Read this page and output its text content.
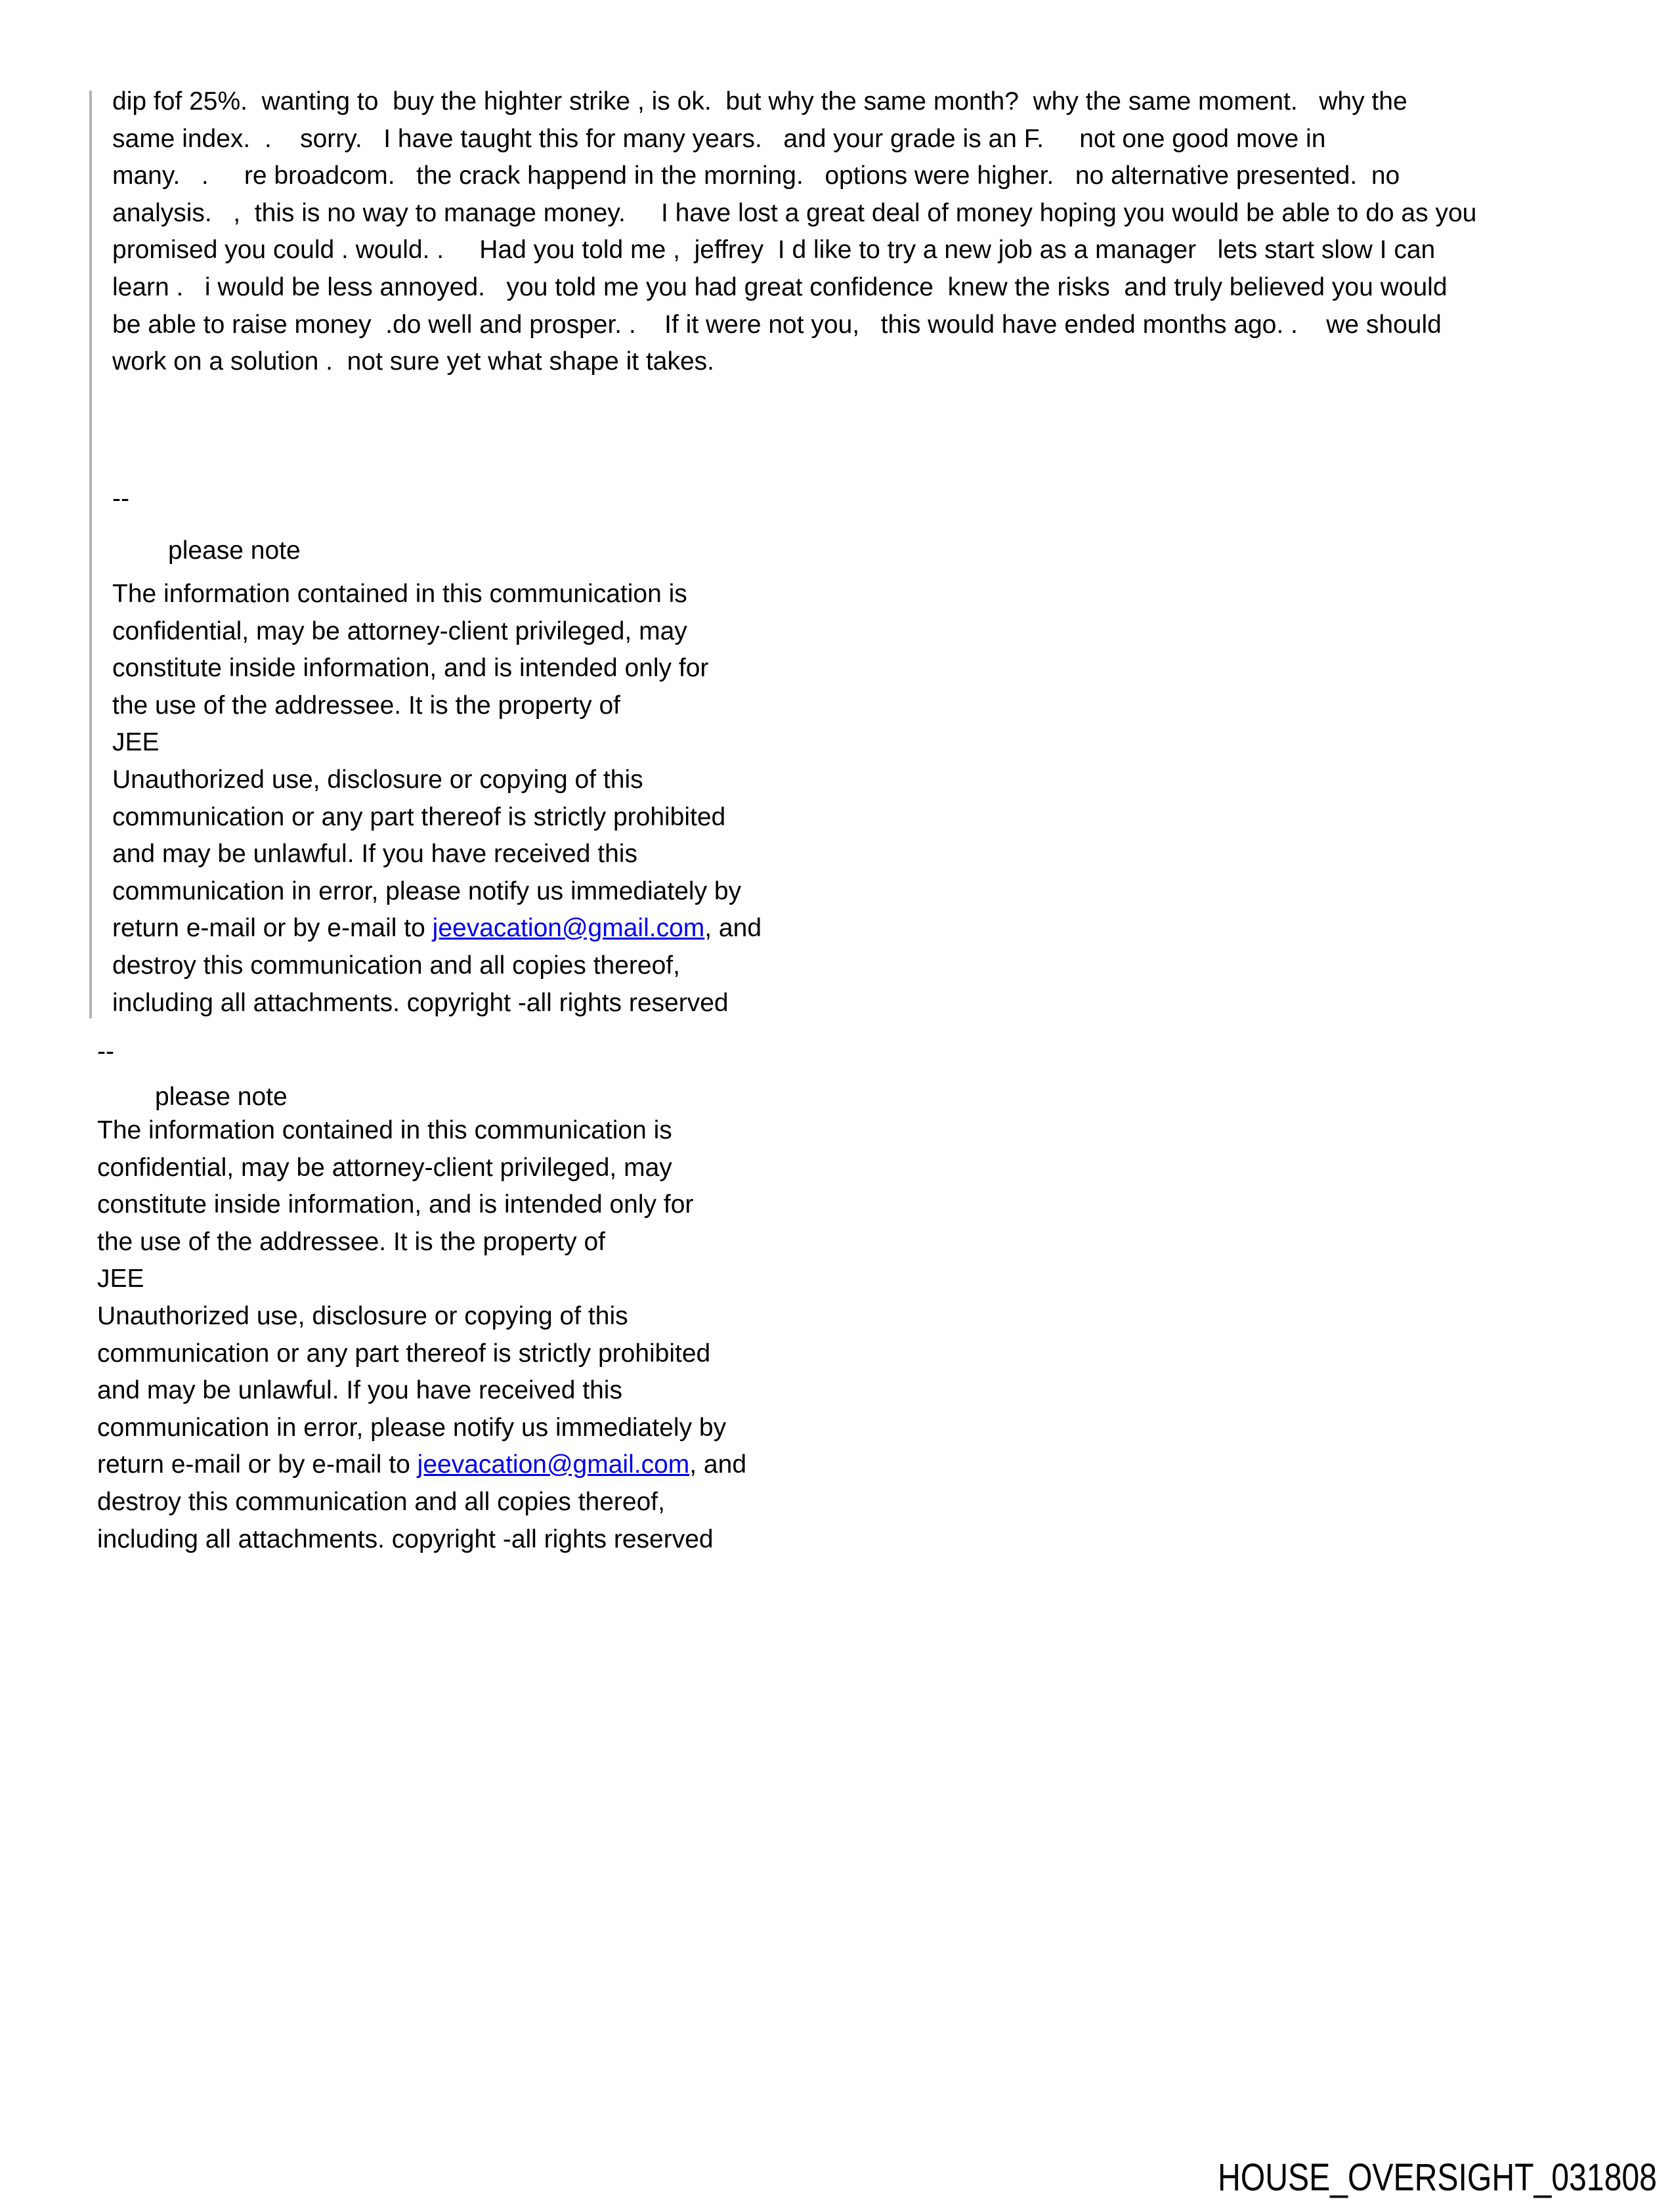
dip fof 25%.  wanting to  buy the highter strike , is ok.  but why the same month?  why the same moment.   why the
same index.  .    sorry.   I have taught this for many years.   and your grade is an F.     not one good move in
many.   .     re broadcom.   the crack happend in the morning.   options were higher.   no alternative presented.  no
analysis.   ,  this is no way to manage money.     I have lost a great deal of money hoping you would be able to do as you
promised you could . would. .     Had you told me ,  jeffrey  I d like to try a new job as a manager   lets start slow I can
learn .   i would be less annoyed.   you told me you had great confidence  knew the risks  and truly believed you would
be able to raise money  .do well and prosper. .    If it were not you,   this would have ended months ago. .    we should
work on a solution .  not sure yet what shape it takes.
--
please note
The information contained in this communication is
confidential, may be attorney-client privileged, may
constitute inside information, and is intended only for
the use of the addressee. It is the property of
JEE
Unauthorized use, disclosure or copying of this
communication or any part thereof is strictly prohibited
and may be unlawful. If you have received this
communication in error, please notify us immediately by
return e-mail or by e-mail to jeevacation@gmail.com, and
destroy this communication and all copies thereof,
including all attachments. copyright -all rights reserved
--
please note
The information contained in this communication is
confidential, may be attorney-client privileged, may
constitute inside information, and is intended only for
the use of the addressee. It is the property of
JEE
Unauthorized use, disclosure or copying of this
communication or any part thereof is strictly prohibited
and may be unlawful. If you have received this
communication in error, please notify us immediately by
return e-mail or by e-mail to jeevacation@gmail.com, and
destroy this communication and all copies thereof,
including all attachments. copyright -all rights reserved
HOUSE_OVERSIGHT_031808
